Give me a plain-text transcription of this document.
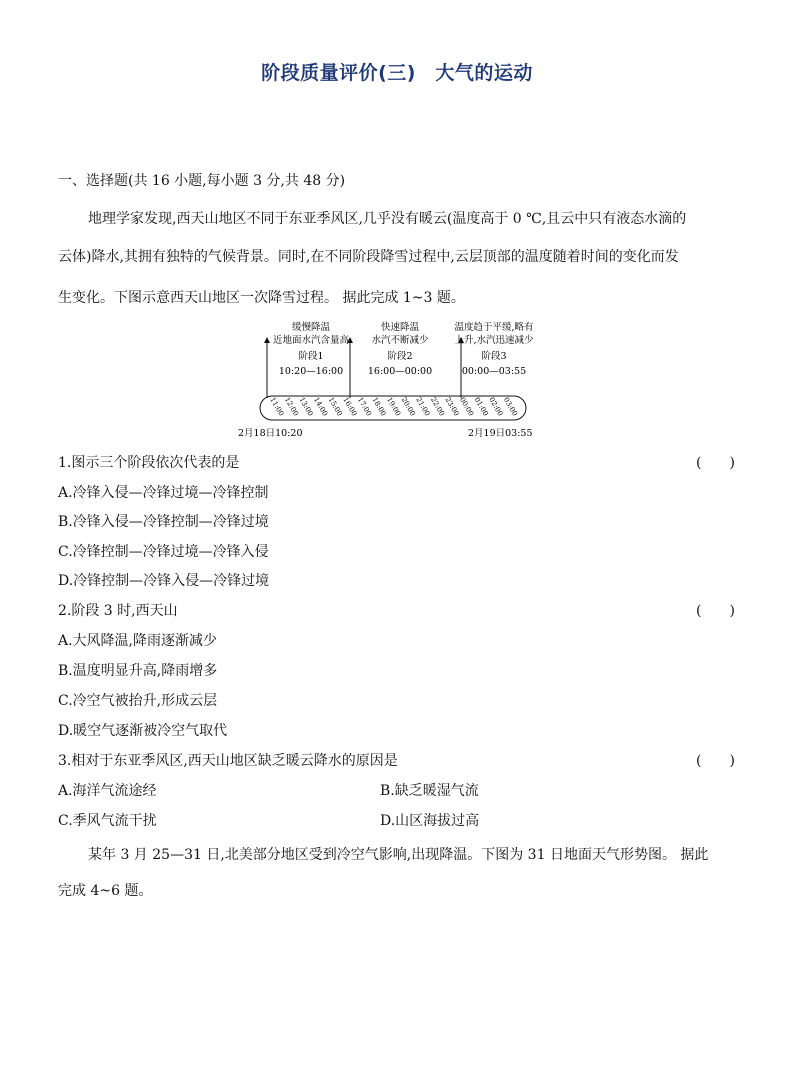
阶段质量评价(三)　大气的运动
一、选择题(共 16 小题,每小题 3 分,共 48 分)
地理学家发现,西天山地区不同于东亚季风区,几乎没有暖云(温度高于 0 ℃,且云中只有液态水滴的
云体)降水,其拥有独特的气候背景。同时,在不同阶段降雪过程中,云层顶部的温度随着时间的变化而发
生变化。下图示意西天山地区一次降雪过程。 据此完成 1~3 题。
缓慢降温
近地面水汽含量高
阶段1
10:20—16:00
快速降温
水汽不断减少
阶段2
16:00—00:00
温度趋于平缓,略有
上升,水汽迅速减少
阶段3
00:00—03:55
11:00
12:00
13:00
14:00
15:00
16:00
17:00
18:00
19:00
20:00
21:00
22:00
23:00
00:00
01:00
02:00
03:00
2月18日10:20	2月19日03:55
1.图示三个阶段依次代表的是	(　　)
A.冷锋入侵—冷锋过境—冷锋控制
B.冷锋入侵—冷锋控制—冷锋过境
C.冷锋控制—冷锋过境—冷锋入侵
D.冷锋控制—冷锋入侵—冷锋过境
2.阶段 3 时,西天山	(　　)
A.大风降温,降雨逐渐减少
B.温度明显升高,降雨增多
C.冷空气被抬升,形成云层
D.暖空气逐渐被冷空气取代
3.相对于东亚季风区,西天山地区缺乏暖云降水的原因是	(　　)
A.海洋气流途经	B.缺乏暖湿气流
C.季风气流干扰	D.山区海拔过高
某年 3 月 25—31 日,北美部分地区受到冷空气影响,出现降温。下图为 31 日地面天气形势图。 据此
完成 4~6 题。
